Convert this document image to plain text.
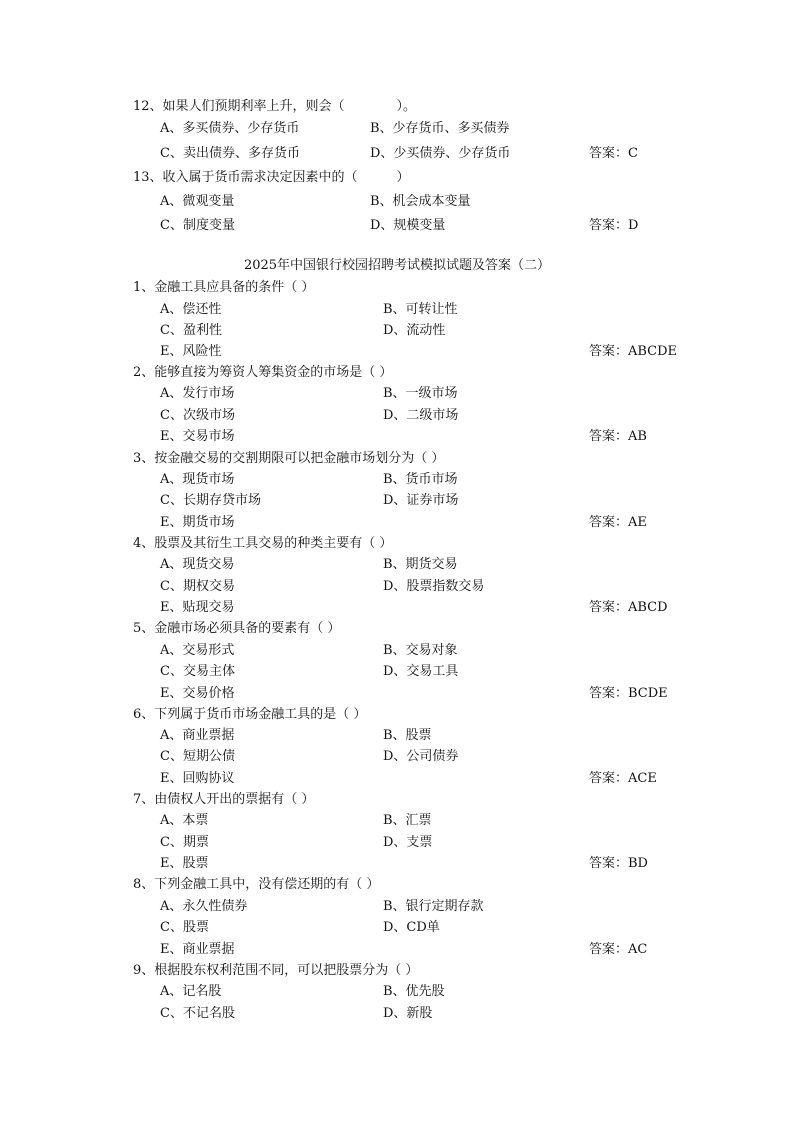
12、如果人们预期利率上升，则会（　　　　）。
A、多买债券、少存货币	B、少存货币、多买债券
C、卖出债券、多存货币	D、少买债券、少存货币	答案：C
13、收入属于货币需求决定因素中的（　　　）
A、微观变量	B、机会成本变量
C、制度变量	D、规模变量	答案：D
2025年中国银行校园招聘考试模拟试题及答案（二）
1、金融工具应具备的条件（ ）
A、偿还性	B、可转让性
C、盈利性	D、流动性
E、风险性	答案：ABCDE
2、能够直接为筹资人筹集资金的市场是（ ）
A、发行市场	B、一级市场
C、次级市场	D、二级市场
E、交易市场	答案：AB
3、按金融交易的交割期限可以把金融市场划分为（ ）
A、现货市场	B、货币市场
C、长期存贷市场	D、证券市场
E、期货市场	答案：AE
4、股票及其衍生工具交易的种类主要有（ ）
A、现货交易	B、期货交易
C、期权交易	D、股票指数交易
E、贴现交易	答案：ABCD
5、金融市场必须具备的要素有（ ）
A、交易形式	B、交易对象
C、交易主体	D、交易工具
E、交易价格	答案：BCDE
6、下列属于货币市场金融工具的是（ ）
A、商业票据	B、股票
C、短期公债	D、公司债券
E、回购协议	答案：ACE
7、由债权人开出的票据有（ ）
A、本票	B、汇票
C、期票	D、支票
E、股票	答案：BD
8、下列金融工具中，没有偿还期的有（ ）
A、永久性债券	B、银行定期存款
C、股票	D、CD单
E、商业票据	答案：AC
9、根据股东权利范围不同，可以把股票分为（ ）
A、记名股	B、优先股
C、不记名股	D、新股
